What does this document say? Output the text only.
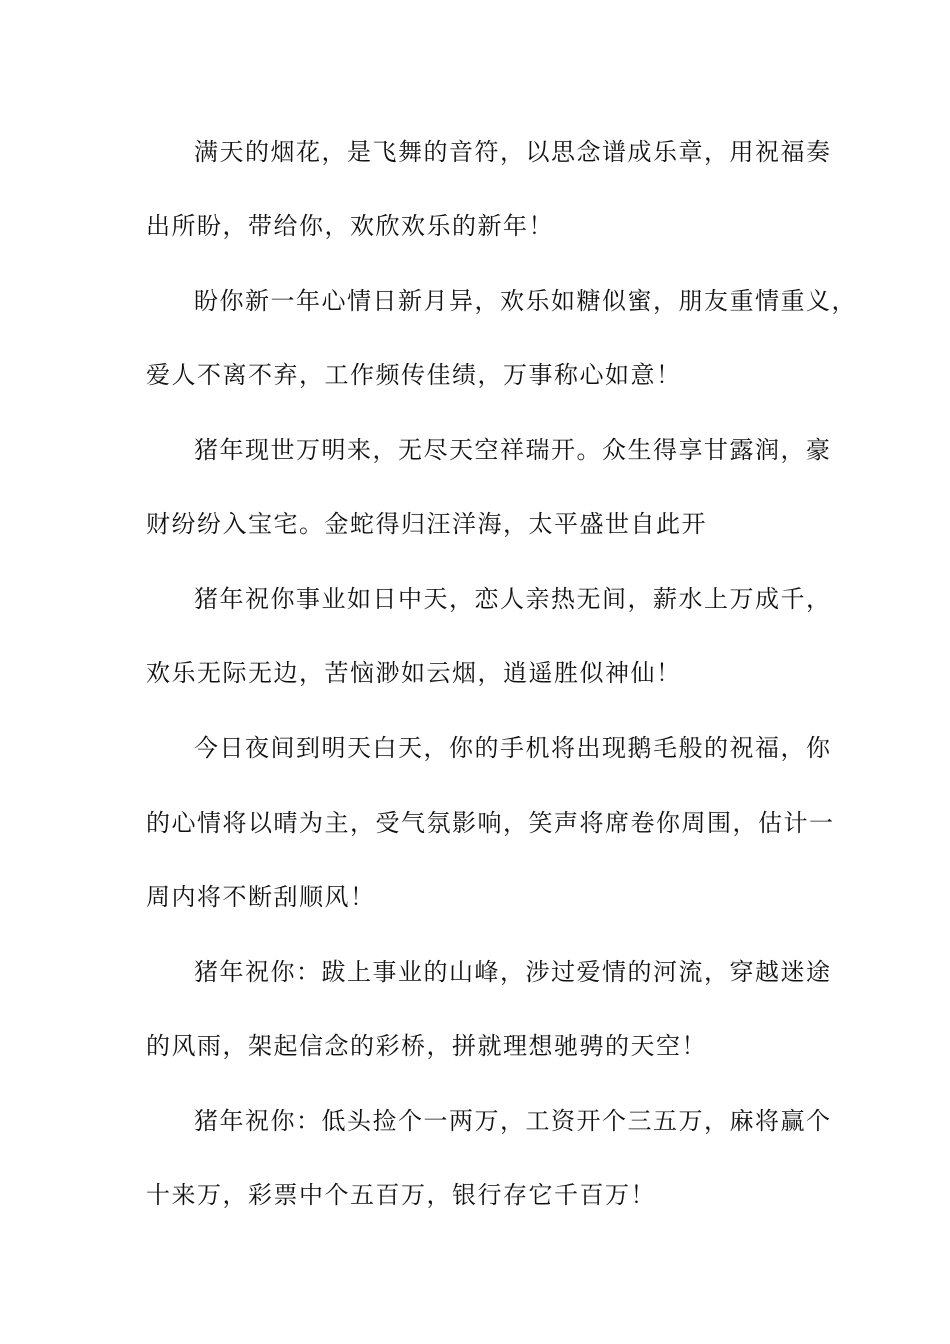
满天的烟花，是飞舞的音符，以思念谱成乐章，用祝福奏
出所盼，带给你，欢欣欢乐的新年！
盼你新一年心情日新月异，欢乐如糖似蜜，朋友重情重义，
爱人不离不弃，工作频传佳绩，万事称心如意！
猪年现世万明来，无尽天空祥瑞开。众生得享甘露润，豪
财纷纷入宝宅。金蛇得归汪洋海，太平盛世自此开
猪年祝你事业如日中天，恋人亲热无间，薪水上万成千，
欢乐无际无边，苦恼渺如云烟，逍遥胜似神仙！
今日夜间到明天白天，你的手机将出现鹅毛般的祝福，你
的心情将以晴为主，受气氛影响，笑声将席卷你周围，估计一
周内将不断刮顺风！
猪年祝你：跋上事业的山峰，涉过爱情的河流，穿越迷途
的风雨，架起信念的彩桥，拼就理想驰骋的天空！
猪年祝你：低头捡个一两万，工资开个三五万，麻将赢个
十来万，彩票中个五百万，银行存它千百万！
